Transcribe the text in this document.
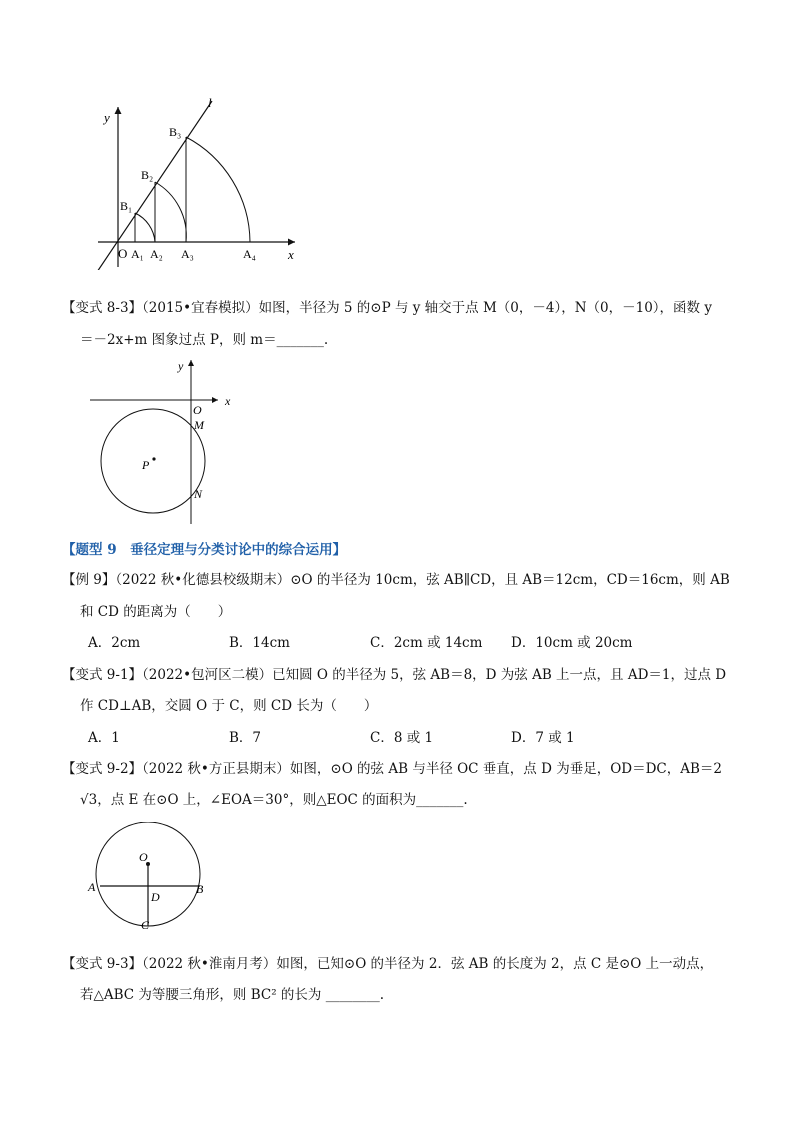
y
l
x
O A₁ A₂ A₃	A₄
B₁
B₂
B₃
【变式 8-3】（2015•宜春模拟）如图，半径为 5 的⊙P 与 y 轴交于点 M（0，－4），N（0，－10），函数 y
＝－2x+m 图象过点 P，则 m＝_______.
y
x
O
M
N
P
【题型 9　垂径定理与分类讨论中的综合运用】
【例 9】（2022 秋•化德县校级期末）⊙O 的半径为 10cm，弦 AB∥CD，且 AB＝12cm，CD＝16cm，则 AB
和 CD 的距离为（　　）
A．2cm	B．14cm	C．2cm 或 14cm D．10cm 或 20cm
【变式 9-1】（2022•包河区二模）已知圆 O 的半径为 5，弦 AB＝8，D 为弦 AB 上一点，且 AD＝1，过点 D
作 CD⊥AB，交圆 O 于 C，则 CD 长为（　　）
A．1	B．7	C．8 或 1	D．7 或 1
【变式 9-2】（2022 秋•方正县期末）如图，⊙O 的弦 AB 与半径 OC 垂直，点 D 为垂足，OD＝DC，AB＝2
√3，点 E 在⊙O 上，∠EOA＝30°，则△EOC 的面积为_______.
O
A	B
D
C
【变式 9-3】（2022 秋•淮南月考）如图，已知⊙O 的半径为 2．弦 AB 的长度为 2，点 C 是⊙O 上一动点，
若△ABC 为等腰三角形，则 BC² 的长为 ________.
